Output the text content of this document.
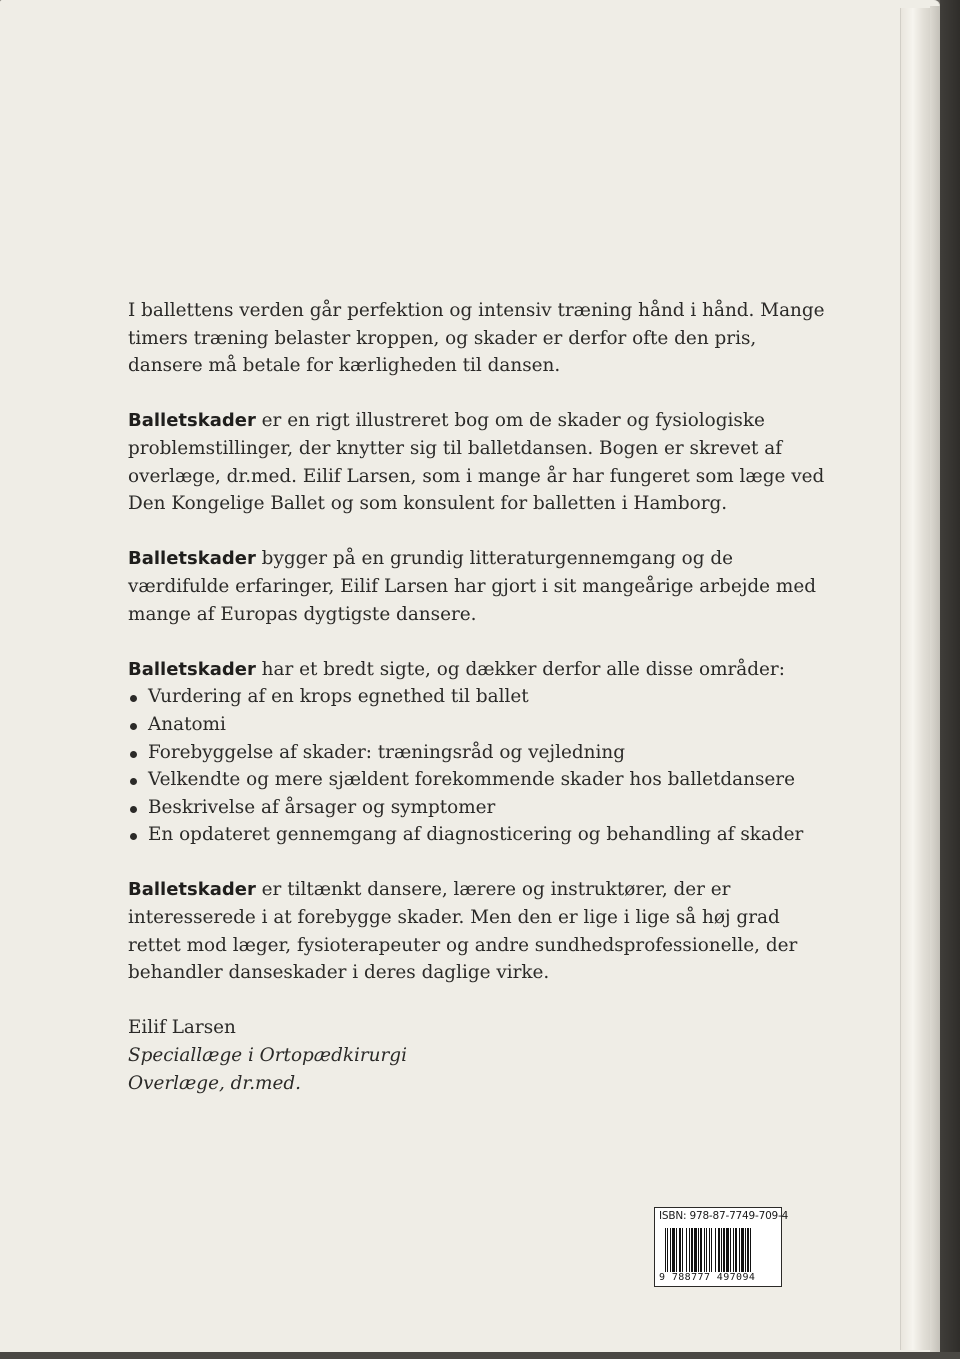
I ballettens verden går perfektion og intensiv træning hånd i hånd. Mange timers træning belaster kroppen, og skader er derfor ofte den pris, dansere må betale for kærligheden til dansen.

Balletskader er en rigt illustreret bog om de skader og fysiologiske problemstillinger, der knytter sig til balletdansen. Bogen er skrevet af overlæge, dr.med. Eilif Larsen, som i mange år har fungeret som læge ved Den Kongelige Ballet og som konsulent for balletten i Hamborg.

Balletskader bygger på en grundig litteraturgennemgang og de værdifulde erfaringer, Eilif Larsen har gjort i sit mangeårige arbejde med mange af Europas dygtigste dansere.

Balletskader har et bredt sigte, og dækker derfor alle disse områder:

Vurdering af en krops egnethed til ballet
Anatomi
Forebyggelse af skader: træningsråd og vejledning
Velkendte og mere sjældent forekommende skader hos balletdansere
Beskrivelse af årsager og symptomer
En opdateret gennemgang af diagnosticering og behandling af skader

Balletskader er tiltænkt dansere, lærere og instruktører, der er interesserede i at forebygge skader. Men den er lige i lige så høj grad rettet mod læger, fysioterapeuter og andre sundhedsprofessionelle, der behandler danseskader i deres daglige virke.

Eilif Larsen
Speciallæge i Ortopædkirurgi
Overlæge, dr.med.
ISBN: 978-87-7749-709-4
9 788777 497094
